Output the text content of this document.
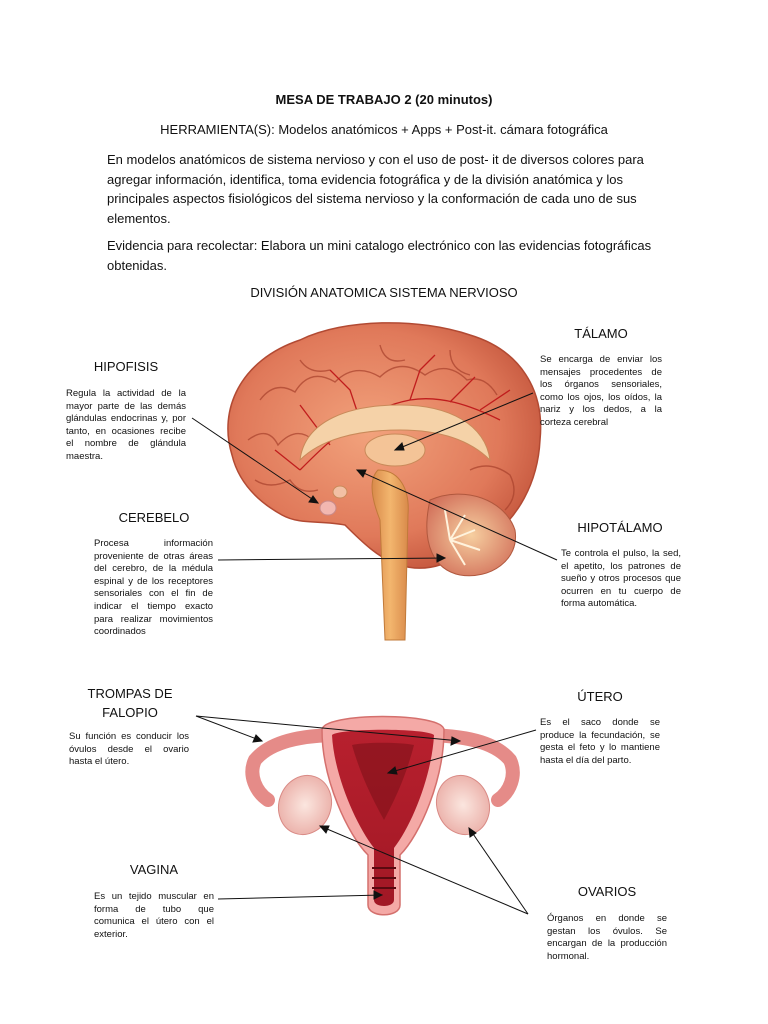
MESA DE TRABAJO 2 (20 minutos)
HERRAMIENTA(S): Modelos anatómicos + Apps + Post-it. cámara fotográfica
En modelos anatómicos de sistema nervioso y con el uso de post- it de diversos colores para agregar información, identifica, toma evidencia fotográfica y de la división anatómica y los principales aspectos fisiológicos del sistema nervioso y la conformación de cada uno de sus elementos.
Evidencia para recolectar: Elabora un mini catalogo electrónico con las evidencias fotográficas obtenidas.
DIVISIÓN ANATOMICA SISTEMA NERVIOSO
HIPOFISIS
Regula la actividad de la mayor parte de las demás glándulas endocrinas y, por tanto, en ocasiones recibe el nombre de glándula maestra.
TÁLAMO
Se encarga de enviar los mensajes procedentes de los órganos sensoriales, como los ojos, los oídos, la nariz y los dedos, a la corteza cerebral
CEREBELO
Procesa información proveniente de otras áreas del cerebro, de la médula espinal y de los receptores sensoriales con el fin de indicar el tiempo exacto para realizar movimientos coordinados
HIPOTÁLAMO
Te controla el pulso, la sed, el apetito, los patrones de sueño y otros procesos que ocurren en tu cuerpo de forma automática.
TROMPAS DE FALOPIO
Su función es conducir los óvulos desde el ovario hasta el útero.
ÚTERO
Es el saco donde se produce la fecundación, se gesta el feto y lo mantiene hasta el día del parto.
VAGINA
Es un tejido muscular en forma de tubo que comunica el útero con el exterior.
OVARIOS
Órganos en donde se gestan los óvulos. Se encargan de la producción hormonal.
